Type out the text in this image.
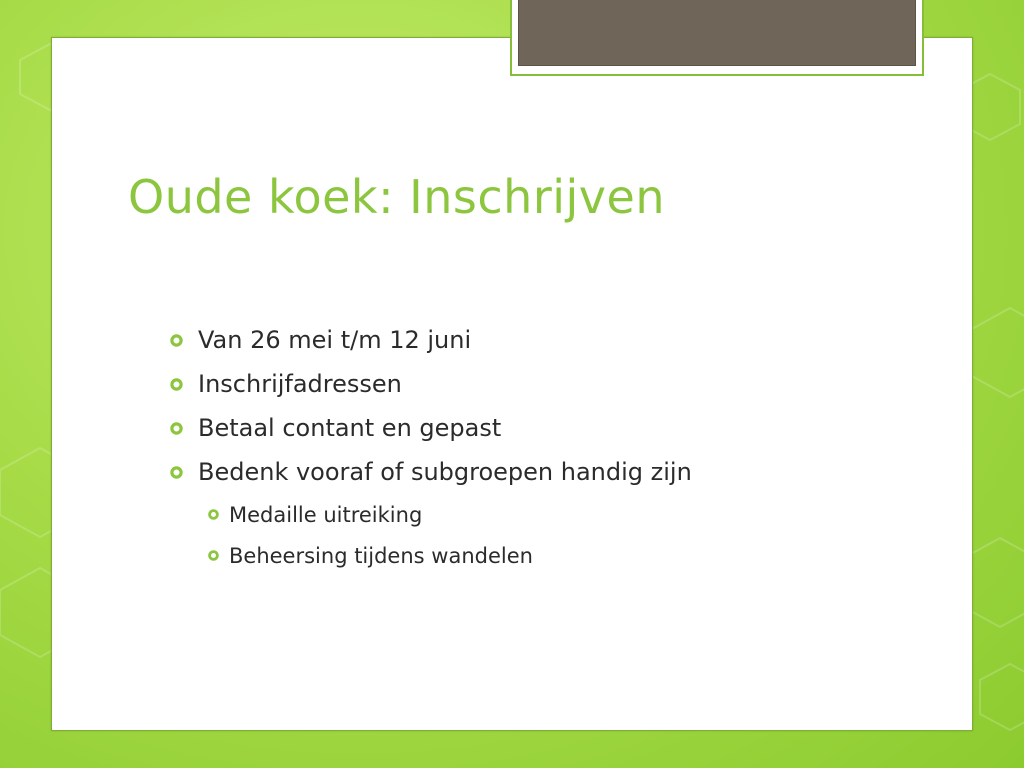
Oude koek: Inschrijven
Van 26 mei t/m 12 juni
Inschrijfadressen
Betaal contant en gepast
Bedenk vooraf of subgroepen handig zijn
Medaille uitreiking
Beheersing tijdens wandelen
